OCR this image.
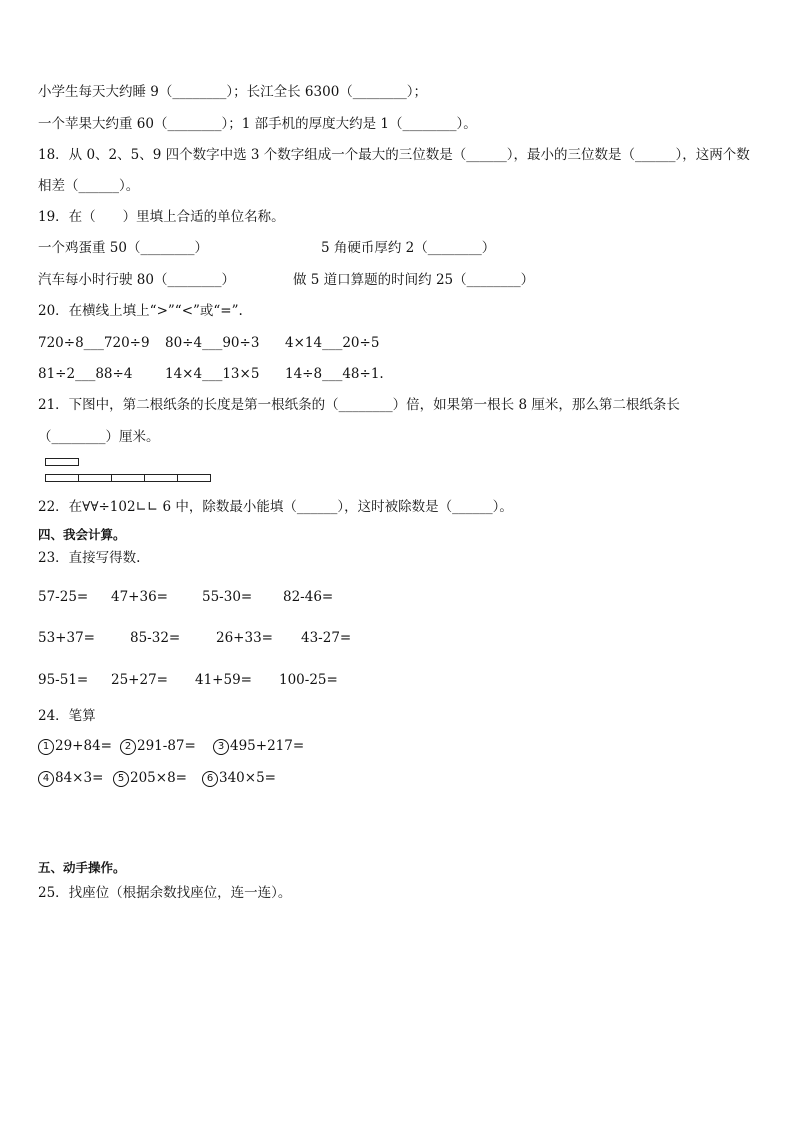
小学生每天大约睡 9（________）；长江全长 6300（________）；
一个苹果大约重 60（________）；1 部手机的厚度大约是 1（________）。
18．从 0、2、5、9 四个数字中选 3 个数字组成一个最大的三位数是（______），最小的三位数是（______），这两个数
相差（______）。
19．在（　　）里填上合适的单位名称。
一个鸡蛋重 50（________）	5 角硬币厚约 2（________）
汽车每小时行驶 80（________）	做 5 道口算题的时间约 25（________）
20．在横线上填上“>”“<”或“=”.
720÷8___720÷9 80÷4___90÷3 4×14___20÷5
81÷2___88÷4 14×4___13×5 14÷8___48÷1.
21．下图中，第二根纸条的长度是第一根纸条的（________）倍，如果第一根长 8 厘米，那么第二根纸条长
（________）厘米。
22．在∀∀÷102∟∟ 6 中，除数最小能填（______），这时被除数是（______）。
四、我会计算。
23．直接写得数.
57-25= 47+36=	55-30= 82-46=
53+37=	85-32=	26+33= 43-27=
95-51= 25+27= 41+59= 100-25=
24．笔算
1 29+84=	2 291-87=	3 495+217=
4 84×3=	5 205×8=	6 340×5=
五、动手操作。
25．找座位（根据余数找座位，连一连）。
